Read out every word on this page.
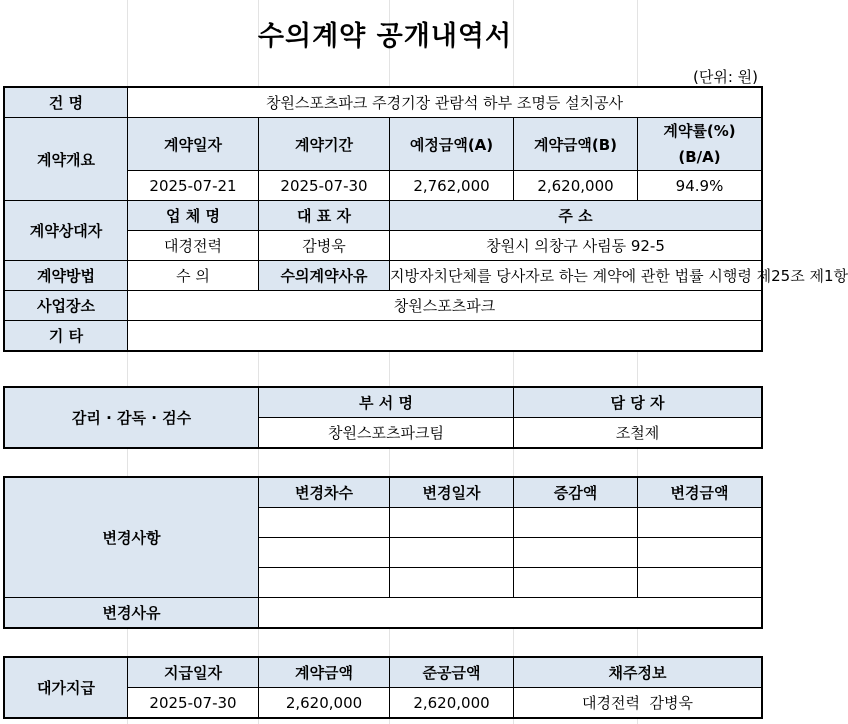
수의계약 공개내역서
(단위: 원)
건 명	창원스포츠파크 주경기장 관람석 하부 조명등 설치공사				
계약개요	계약일자	계약기간	예정금액(A)	계약금액(B)	계약률(%)
(B/A)

	2025-07-21	2025-07-30	2,762,000	2,620,000	94.9%
계약상대자	업 체 명	대 표 자	주 소		
	대경전력	감병욱	창원시 의창구 사림동 92-5		
계약방법	수 의	수의계약사유	지방자치단체를 당사자로 하는 계약에 관한 법률 시행령 제25조 제1항		
사업장소	창원스포츠파크				
기 타					
감리 · 감독 · 검수	부 서 명	담 당 자
	창원스포츠파크팀	조철제
변경사항	변경차수	변경일자	증감액	변경금액

변경사유				
대가지급	지급일자	계약금액	준공금액	채주정보
	2025-07-30	2,620,000	2,620,000	대경전력  감병욱
